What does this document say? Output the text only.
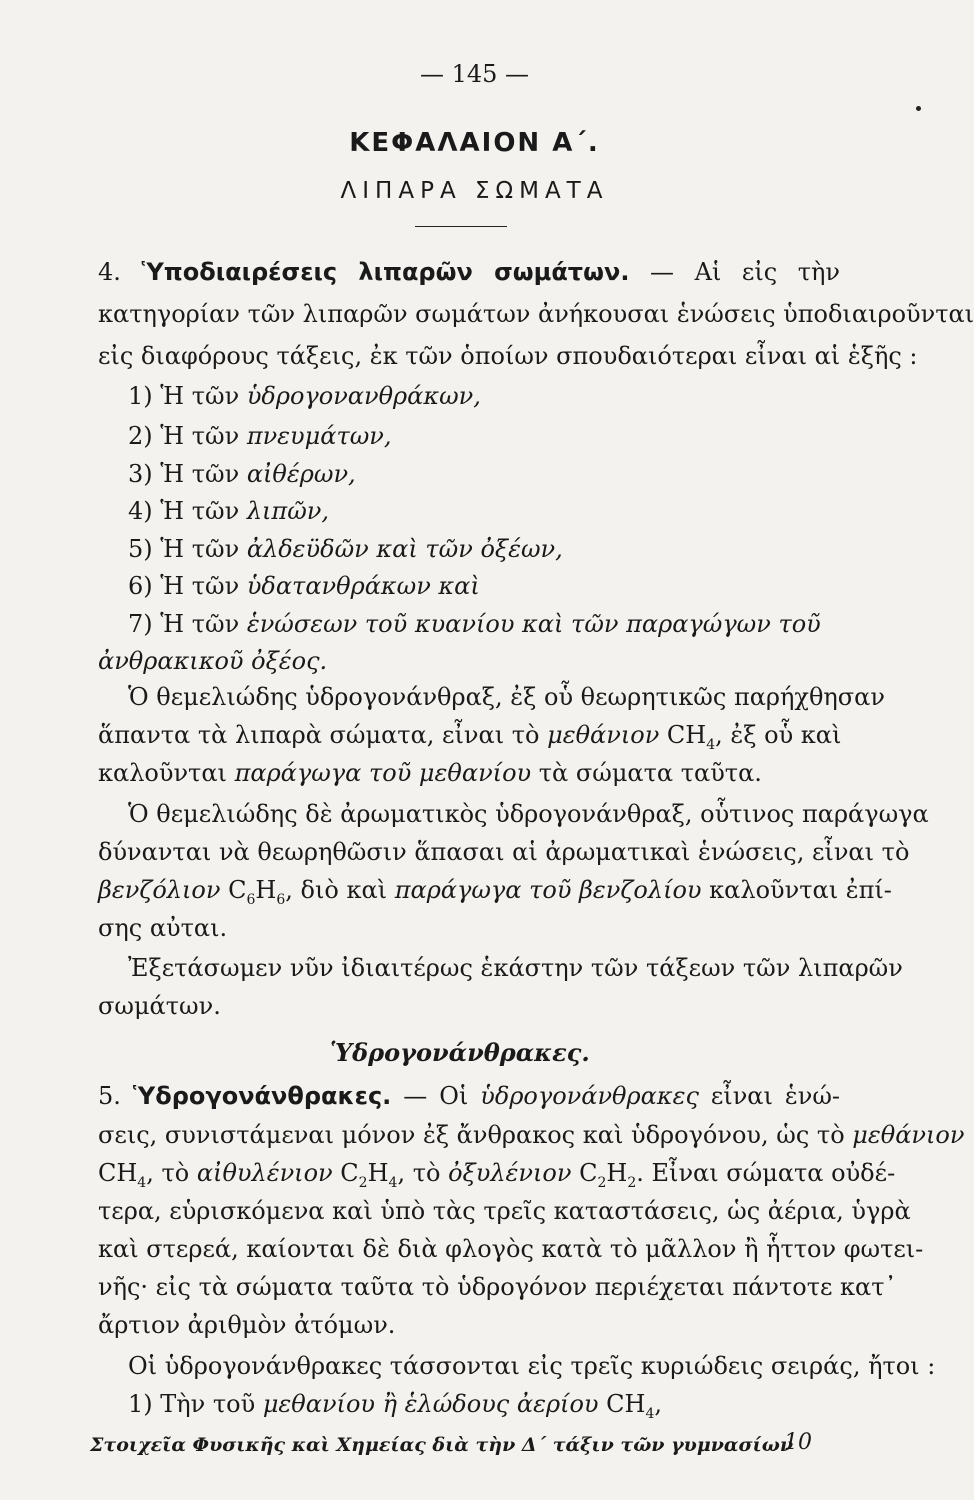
— 145 —
ΚΕΦΑΛΑΙΟΝ Α΄.
ΛΙΠΑΡΑ ΣΩΜΑΤΑ
4. Ὑποδιαιρέσεις λιπαρῶν σωμάτων. — Αἱ εἰς τὴν
κατηγορίαν τῶν λιπαρῶν σωμάτων ἀνήκουσαι ἑνώσεις ὑποδιαιροῦνται
εἰς διαφόρους τάξεις, ἐκ τῶν ὁποίων σπουδαιότεραι εἶναι αἱ ἑξῆς :
1) Ἡ τῶν ὑδρογονανθράκων,
2) Ἡ τῶν πνευμάτων,
3) Ἡ τῶν αἰθέρων,
4) Ἡ τῶν λιπῶν,
5) Ἡ τῶν ἀλδεϋδῶν καὶ τῶν ὀξέων,
6) Ἡ τῶν ὑδατανθράκων καὶ
7) Ἡ τῶν ἑνώσεων τοῦ κυανίου καὶ τῶν παραγώγων τοῦ
ἀνθρακικοῦ ὀξέος.
Ὁ θεμελιώδης ὑδρογονάνθραξ, ἐξ οὗ θεωρητικῶς παρήχθησαν
ἅπαντα τὰ λιπαρὰ σώματα, εἶναι τὸ μεθάνιον $CH_4$, ἐξ οὗ καὶ
καλοῦνται παράγωγα τοῦ μεθανίου τὰ σώματα ταῦτα.
Ὁ θεμελιώδης δὲ ἀρωματικὸς ὑδρογονάνθραξ, οὗτινος παράγωγα
δύνανται νὰ θεωρηθῶσιν ἅπασαι αἱ ἀρωματικαὶ ἑνώσεις, εἶναι τὸ
βενζόλιον $C_6H_6$, διὸ καὶ παράγωγα τοῦ βενζολίου καλοῦνται ἐπί-
σης αὐται.
Ἐξετάσωμεν νῦν ἰδιαιτέρως ἑκάστην τῶν τάξεων τῶν λιπαρῶν
σωμάτων.
Ὑδρογονάνθρακες.
5. Ὑδρογονάνθρακες. — Οἱ ὑδρογονάνθρακες εἶναι ἑνώ-
σεις, συνιστάμεναι μόνον ἐξ ἄνθρακος καὶ ὑδρογόνου, ὡς τὸ μεθάνιον
$CH_4$, τὸ αἰθυλένιον $C_2H_4$, τὸ ὀξυλένιον $C_2H_2$. Εἶναι σώματα οὐδέ-
τερα, εὑρισκόμενα καὶ ὑπὸ τὰς τρεῖς καταστάσεις, ὡς ἀέρια, ὑγρὰ
καὶ στερεά, καίονται δὲ διὰ φλογὸς κατὰ τὸ μᾶλλον ἢ ἧττον φωτει-
νῆς· εἰς τὰ σώματα ταῦτα τὸ ὑδρογόνον περιέχεται πάντοτε κατ᾽
ἄρτιον ἀριθμὸν ἀτόμων.
Οἱ ὑδρογονάνθρακες τάσσονται εἰς τρεῖς κυριώδεις σειράς, ἤτοι :
1) Τὴν τοῦ μεθανίου ἢ ἑλώδους ἀερίου $CH_4$,
Στοιχεῖα Φυσικῆς καὶ Χημείας διὰ τὴν Δ΄ τάξιν τῶν γυμνασίων
10
